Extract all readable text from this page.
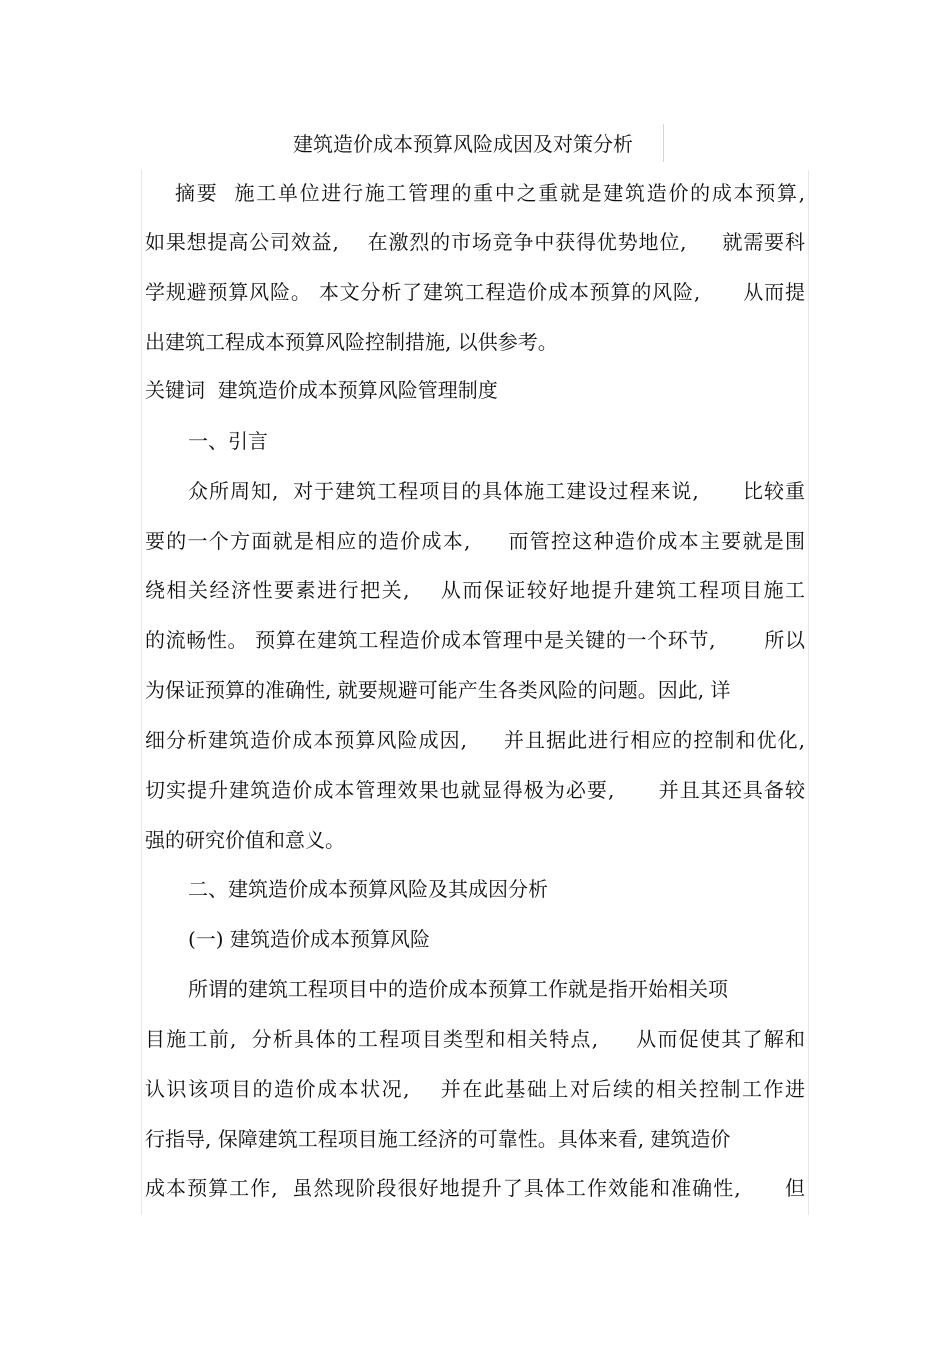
建筑造价成本预算风险成因及对策分析
摘要  施工单位进行施工管理的重中之重就是建筑造价的成本预算,
如果想提高公司效益,    在激烈的市场竞争中获得优势地位,     就需要科
学规避预算风险。 本文分析了建筑工程造价成本预算的风险,      从而提
出建筑工程成本预算风险控制措施, 以供参考。
关键词  建筑造价成本预算风险管理制度
一、引言
众所周知,  对于建筑工程项目的具体施工建设过程来说,      比较重
要的一个方面就是相应的造价成本,     而管控这种造价成本主要就是围
绕相关经济性要素进行把关,    从而保证较好地提升建筑工程项目施工
的流畅性。 预算在建筑工程造价成本管理中是关键的一个环节,       所以
为保证预算的准确性, 就要规避可能产生各类风险的问题。因此, 详
细分析建筑造价成本预算风险成因,     并且据此进行相应的控制和优化,
切实提升建筑造价成本管理效果也就显得极为必要,      并且其还具备较
强的研究价值和意义。
二、建筑造价成本预算风险及其成因分析
(一) 建筑造价成本预算风险
所谓的建筑工程项目中的造价成本预算工作就是指开始相关项
目施工前,  分析具体的工程项目类型和相关特点,     从而促使其了解和
认识该项目的造价成本状况,    并在此基础上对后续的相关控制工作进
行指导, 保障建筑工程项目施工经济的可靠性。具体来看, 建筑造价
成本预算工作,  虽然现阶段很好地提升了具体工作效能和准确性,      但
